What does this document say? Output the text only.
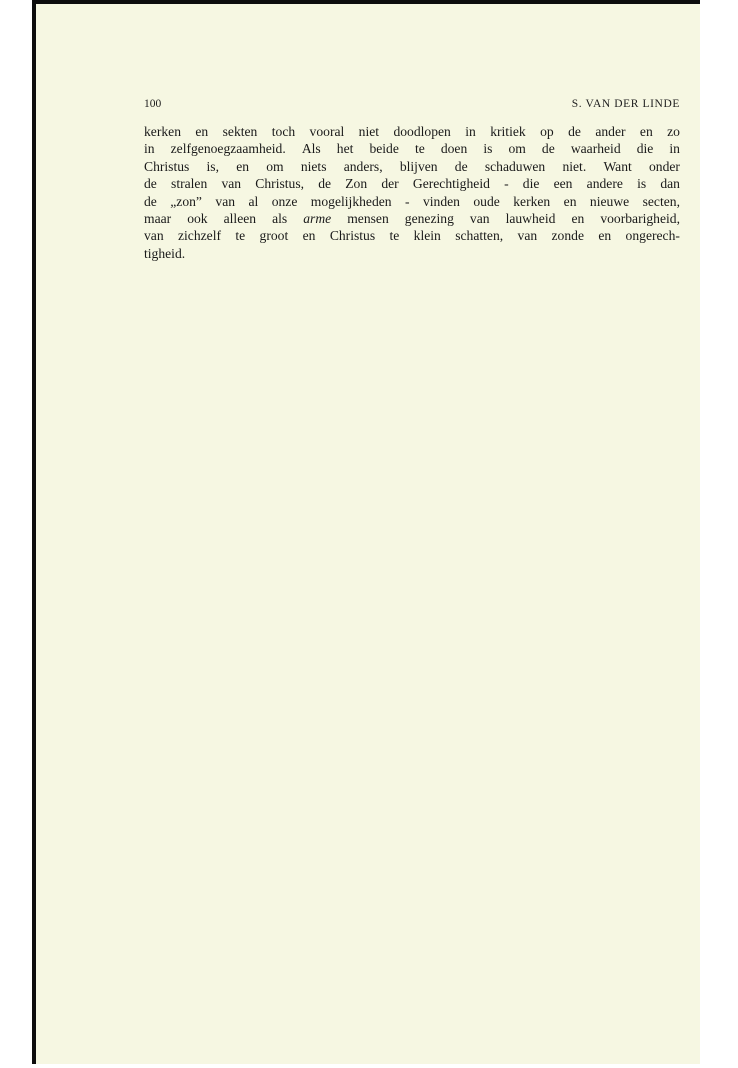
100	S. VAN DER LINDE
kerken en sekten toch vooral niet doodlopen in kritiek op de ander en zo
in zelfgenoegzaamheid. Als het beide te doen is om de waarheid die in
Christus is, en om niets anders, blijven de schaduwen niet. Want onder
de stralen van Christus, de Zon der Gerechtigheid - die een andere is dan
de „zon” van al onze mogelijkheden - vinden oude kerken en nieuwe secten,
maar ook alleen als arme mensen genezing van lauwheid en voorbarigheid,
van zichzelf te groot en Christus te klein schatten, van zonde en ongerech-
tigheid.
